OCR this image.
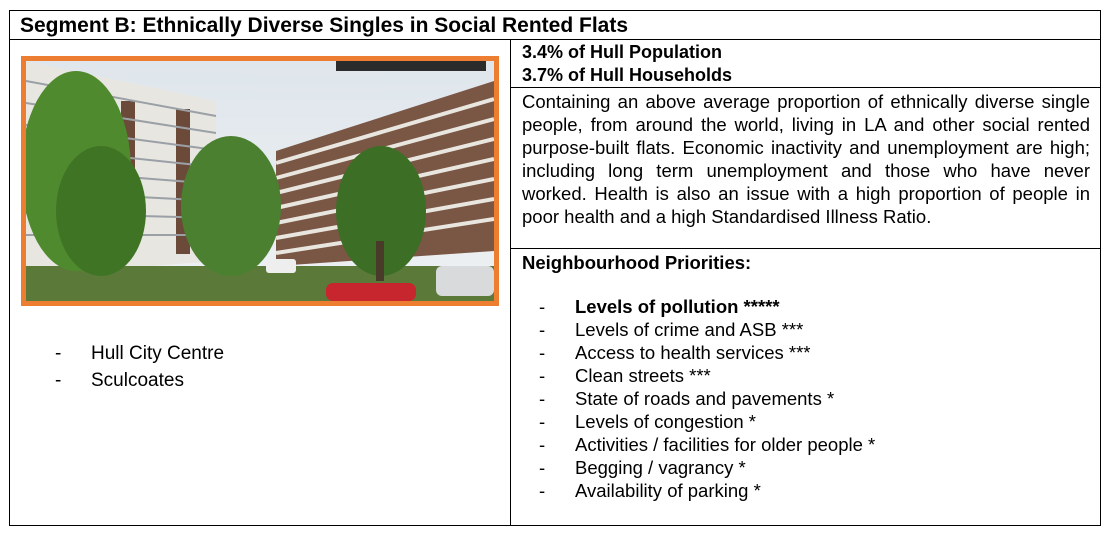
Segment B: Ethnically Diverse Singles in Social Rented Flats
- Hull City Centre
- Sculcoates
3.4% of Hull Population
3.7% of Hull Households

Containing an above average proportion of ethnically diverse single people, from around the world, living in LA and other social rented purpose-built flats. Economic inactivity and unemployment are high; including long term unemployment and those who have never worked. Health is also an issue with a high proportion of people in poor health and a high Standardised Illness Ratio.

Neighbourhood Priorities:
- Levels of pollution *****
- Levels of crime and ASB ***
- Access to health services ***
- Clean streets ***
- State of roads and pavements *
- Levels of congestion *
- Activities / facilities for older people *
- Begging / vagrancy *
- Availability of parking *
